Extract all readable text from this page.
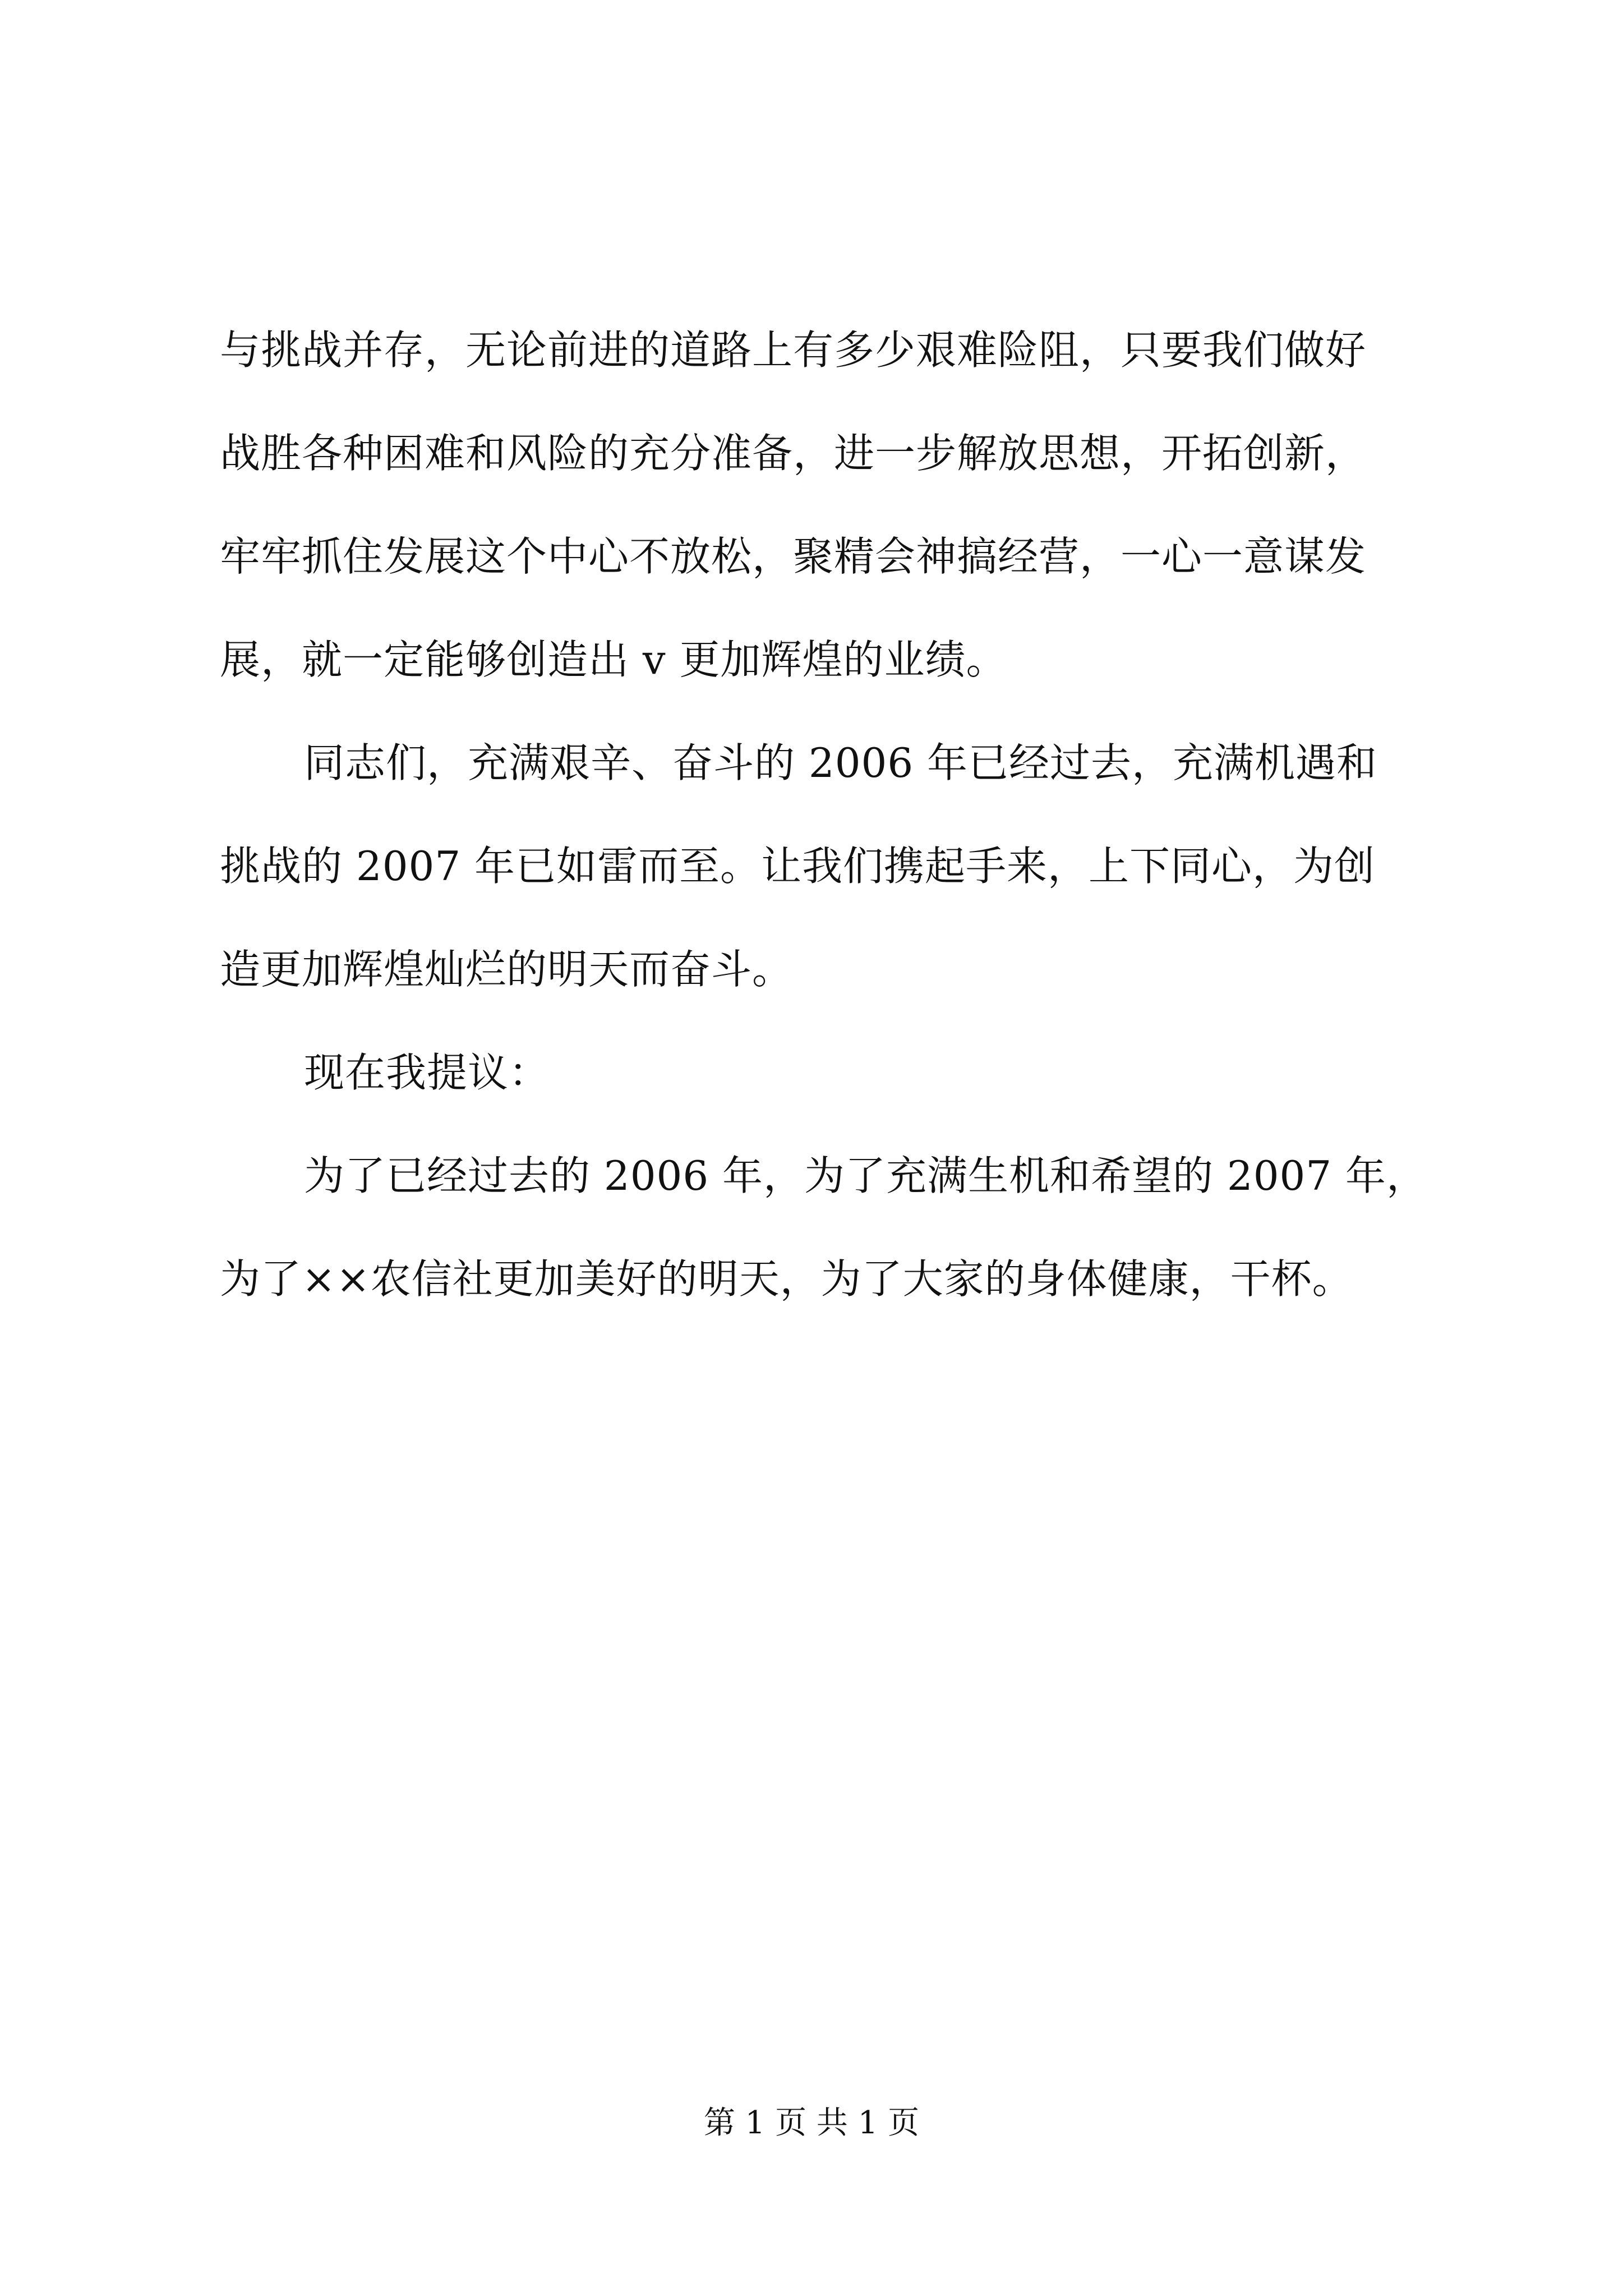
与挑战并存，无论前进的道路上有多少艰难险阻，只要我们做好
战胜各种困难和风险的充分准备，进一步解放思想，开拓创新，
牢牢抓住发展这个中心不放松，聚精会神搞经营，一心一意谋发
展，就一定能够创造出 v 更加辉煌的业绩。
同志们，充满艰辛、奋斗的 2006 年已经过去，充满机遇和
挑战的 2007 年已如雷而至。让我们携起手来，上下同心，为创
造更加辉煌灿烂的明天而奋斗。
现在我提议：
为了已经过去的 2006 年，为了充满生机和希望的 2007 年，
为了××农信社更加美好的明天，为了大家的身体健康，干杯。
第 1 页 共 1 页
